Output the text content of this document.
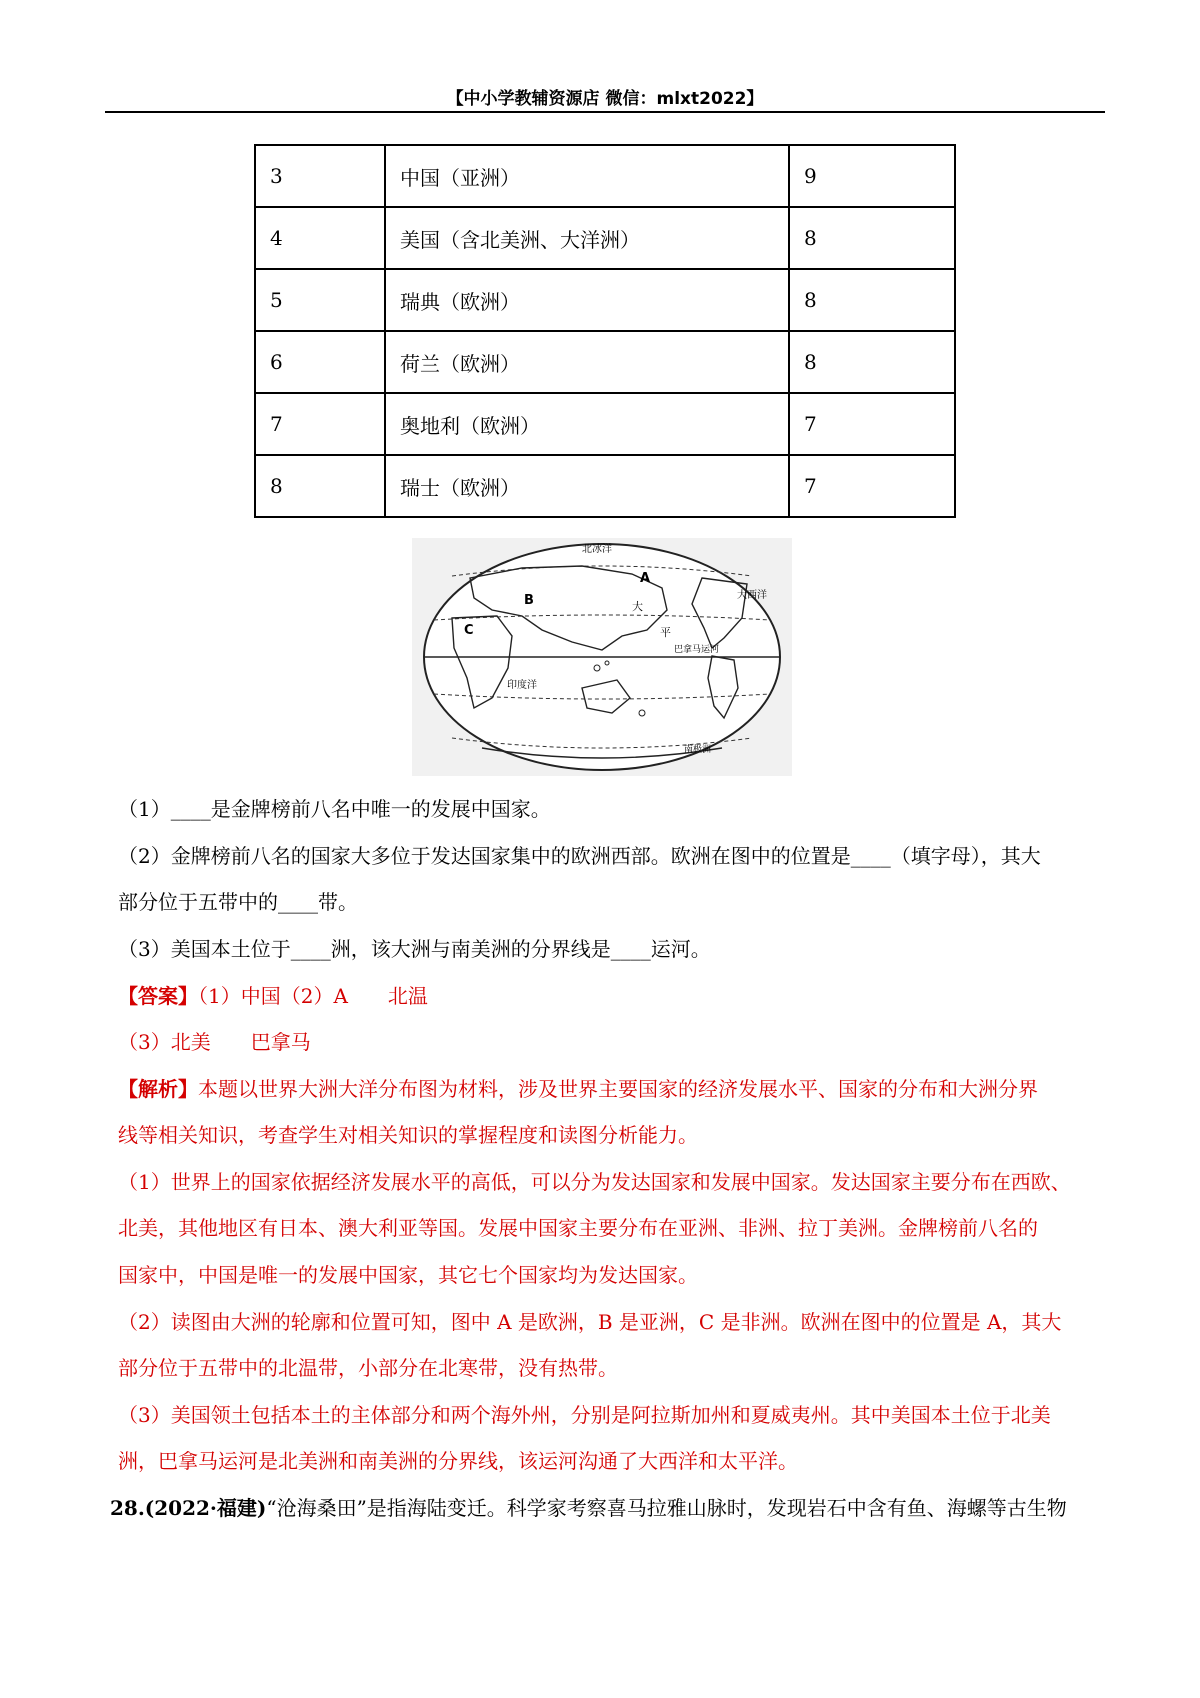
【中小学教辅资源店 微信：mlxt2022】
3	中国（亚洲）	9
4	美国（含北美洲、大洋洲）	8
5	瑞典（欧洲）	8
6	荷兰（欧洲）	8
7	奥地利（欧洲）	7
8	瑞士（欧洲）	7
北冰洋
B
C
A
大
平
印度洋
巴拿马运河
大西洋
南极洲
（1）____是金牌榜前八名中唯一的发展中国家。
（2）金牌榜前八名的国家大多位于发达国家集中的欧洲西部。欧洲在图中的位置是____（填字母），其大
部分位于五带中的____带。
（3）美国本土位于____洲，该大洲与南美洲的分界线是____运河。
【答案】（1）中国（2）A　　北温
（3）北美　　巴拿马
【解析】本题以世界大洲大洋分布图为材料，涉及世界主要国家的经济发展水平、国家的分布和大洲分界
线等相关知识，考查学生对相关知识的掌握程度和读图分析能力。
（1）世界上的国家依据经济发展水平的高低，可以分为发达国家和发展中国家。发达国家主要分布在西欧、
北美，其他地区有日本、澳大利亚等国。发展中国家主要分布在亚洲、非洲、拉丁美洲。金牌榜前八名的
国家中，中国是唯一的发展中国家，其它七个国家均为发达国家。
（2）读图由大洲的轮廓和位置可知，图中 A 是欧洲，B 是亚洲，C 是非洲。欧洲在图中的位置是 A，其大
部分位于五带中的北温带，小部分在北寒带，没有热带。
（3）美国领土包括本土的主体部分和两个海外州，分别是阿拉斯加州和夏威夷州。其中美国本土位于北美
洲，巴拿马运河是北美洲和南美洲的分界线，该运河沟通了大西洋和太平洋。
28.(2022·福建)“沧海桑田”是指海陆变迁。科学家考察喜马拉雅山脉时，发现岩石中含有鱼、海螺等古生物
